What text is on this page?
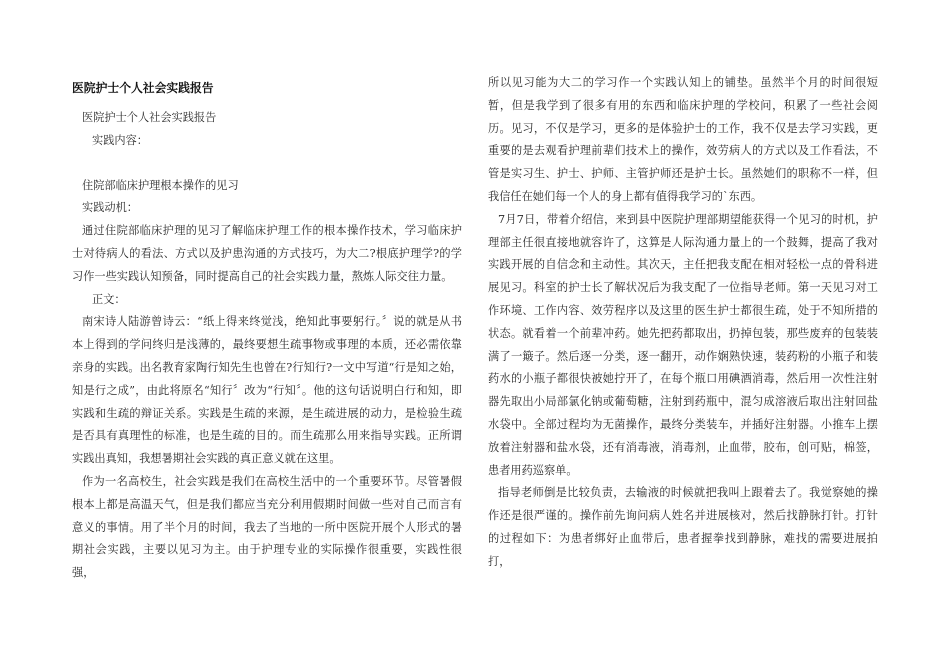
医院护士个人社会实践报告

医院护士个人社会实践报告

实践内容：

住院部临床护理根本操作的见习

实践动机：

通过住院部临床护理的见习了解临床护理工作的根本操作技术，学习临床护士对待病人的看法、方式以及护患沟通的方式技巧，为大二?根底护理学?的学习作一些实践认知预备，同时提高自己的社会实践力量，熬炼人际交往力量。

正文：

南宋诗人陆游曾诗云：“纸上得来终觉浅，绝知此事要躬行。〞说的就是从书本上得到的学问终归是浅薄的，最终要想生疏事物或事理的本质，还必需依靠亲身的实践。出名教育家陶行知先生也曾在?行知行?一文中写道“行是知之始，知是行之成”，由此将原名“知行〞改为“行知〞。他的这句话说明白行和知，即实践和生疏的辩证关系。实践是生疏的来源，是生疏进展的动力，是检验生疏是否具有真理性的标准，也是生疏的目的。而生疏那么用来指导实践。正所谓实践出真知，我想暑期社会实践的真正意义就在这里。

作为一名高校生，社会实践是我们在高校生活中的一个重要环节。尽管暑假根本上都是高温天气，但是我们都应当充分利用假期时间做一些对自己而言有意义的事情。用了半个月的时间，我去了当地的一所中医院开展个人形式的暑期社会实践，主要以见习为主。由于护理专业的实际操作很重要，实践性很强，

所以见习能为大二的学习作一个实践认知上的铺垫。虽然半个月的时间很短暂，但是我学到了很多有用的东西和临床护理的学校问，积累了一些社会阅历。见习，不仅是学习，更多的是体验护士的工作，我不仅是去学习实践，更重要的是去观看护理前辈们技术上的操作，效劳病人的方式以及工作看法，不管是实习生、护士、护师、主管护师还是护士长。虽然她们的职称不一样，但我信任在她们每一个人的身上都有值得我学习的`东西。

7月7日，带着介绍信，来到县中医院护理部期望能获得一个见习的时机，护理部主任很直接地就容许了，这算是人际沟通力量上的一个鼓舞，提高了我对实践开展的自信念和主动性。其次天，主任把我支配在相对轻松一点的骨科进展见习。科室的护士长了解状况后为我支配了一位指导老师。第一天见习对工作环境、工作内容、效劳程序以及这里的医生护士都很生疏，处于不知所措的状态。就看着一个前辈冲药。她先把药都取出，扔掉包装，那些废弃的包装装满了一簸子。然后逐一分类，逐一翻开，动作娴熟快速，装药粉的小瓶子和装药水的小瓶子都很快被她拧开了，在每个瓶口用碘酒消毒，然后用一次性注射器先取出小局部氯化钠或葡萄糖，注射到药瓶中，混匀成溶液后取出注射回盐水袋中。全部过程均为无菌操作，最终分类装车，并插好注射器。小推车上摆放着注射器和盐水袋，还有消毒液，消毒剂，止血带，胶布，创可贴，棉签，患者用药巡察单。

指导老师倒是比较负责，去输液的时候就把我叫上跟着去了。我觉察她的操作还是很严谨的。操作前先询问病人姓名并进展核对，然后找静脉打针。打针的过程如下：为患者绑好止血带后，患者握拳找到静脉，难找的需要进展拍打，
